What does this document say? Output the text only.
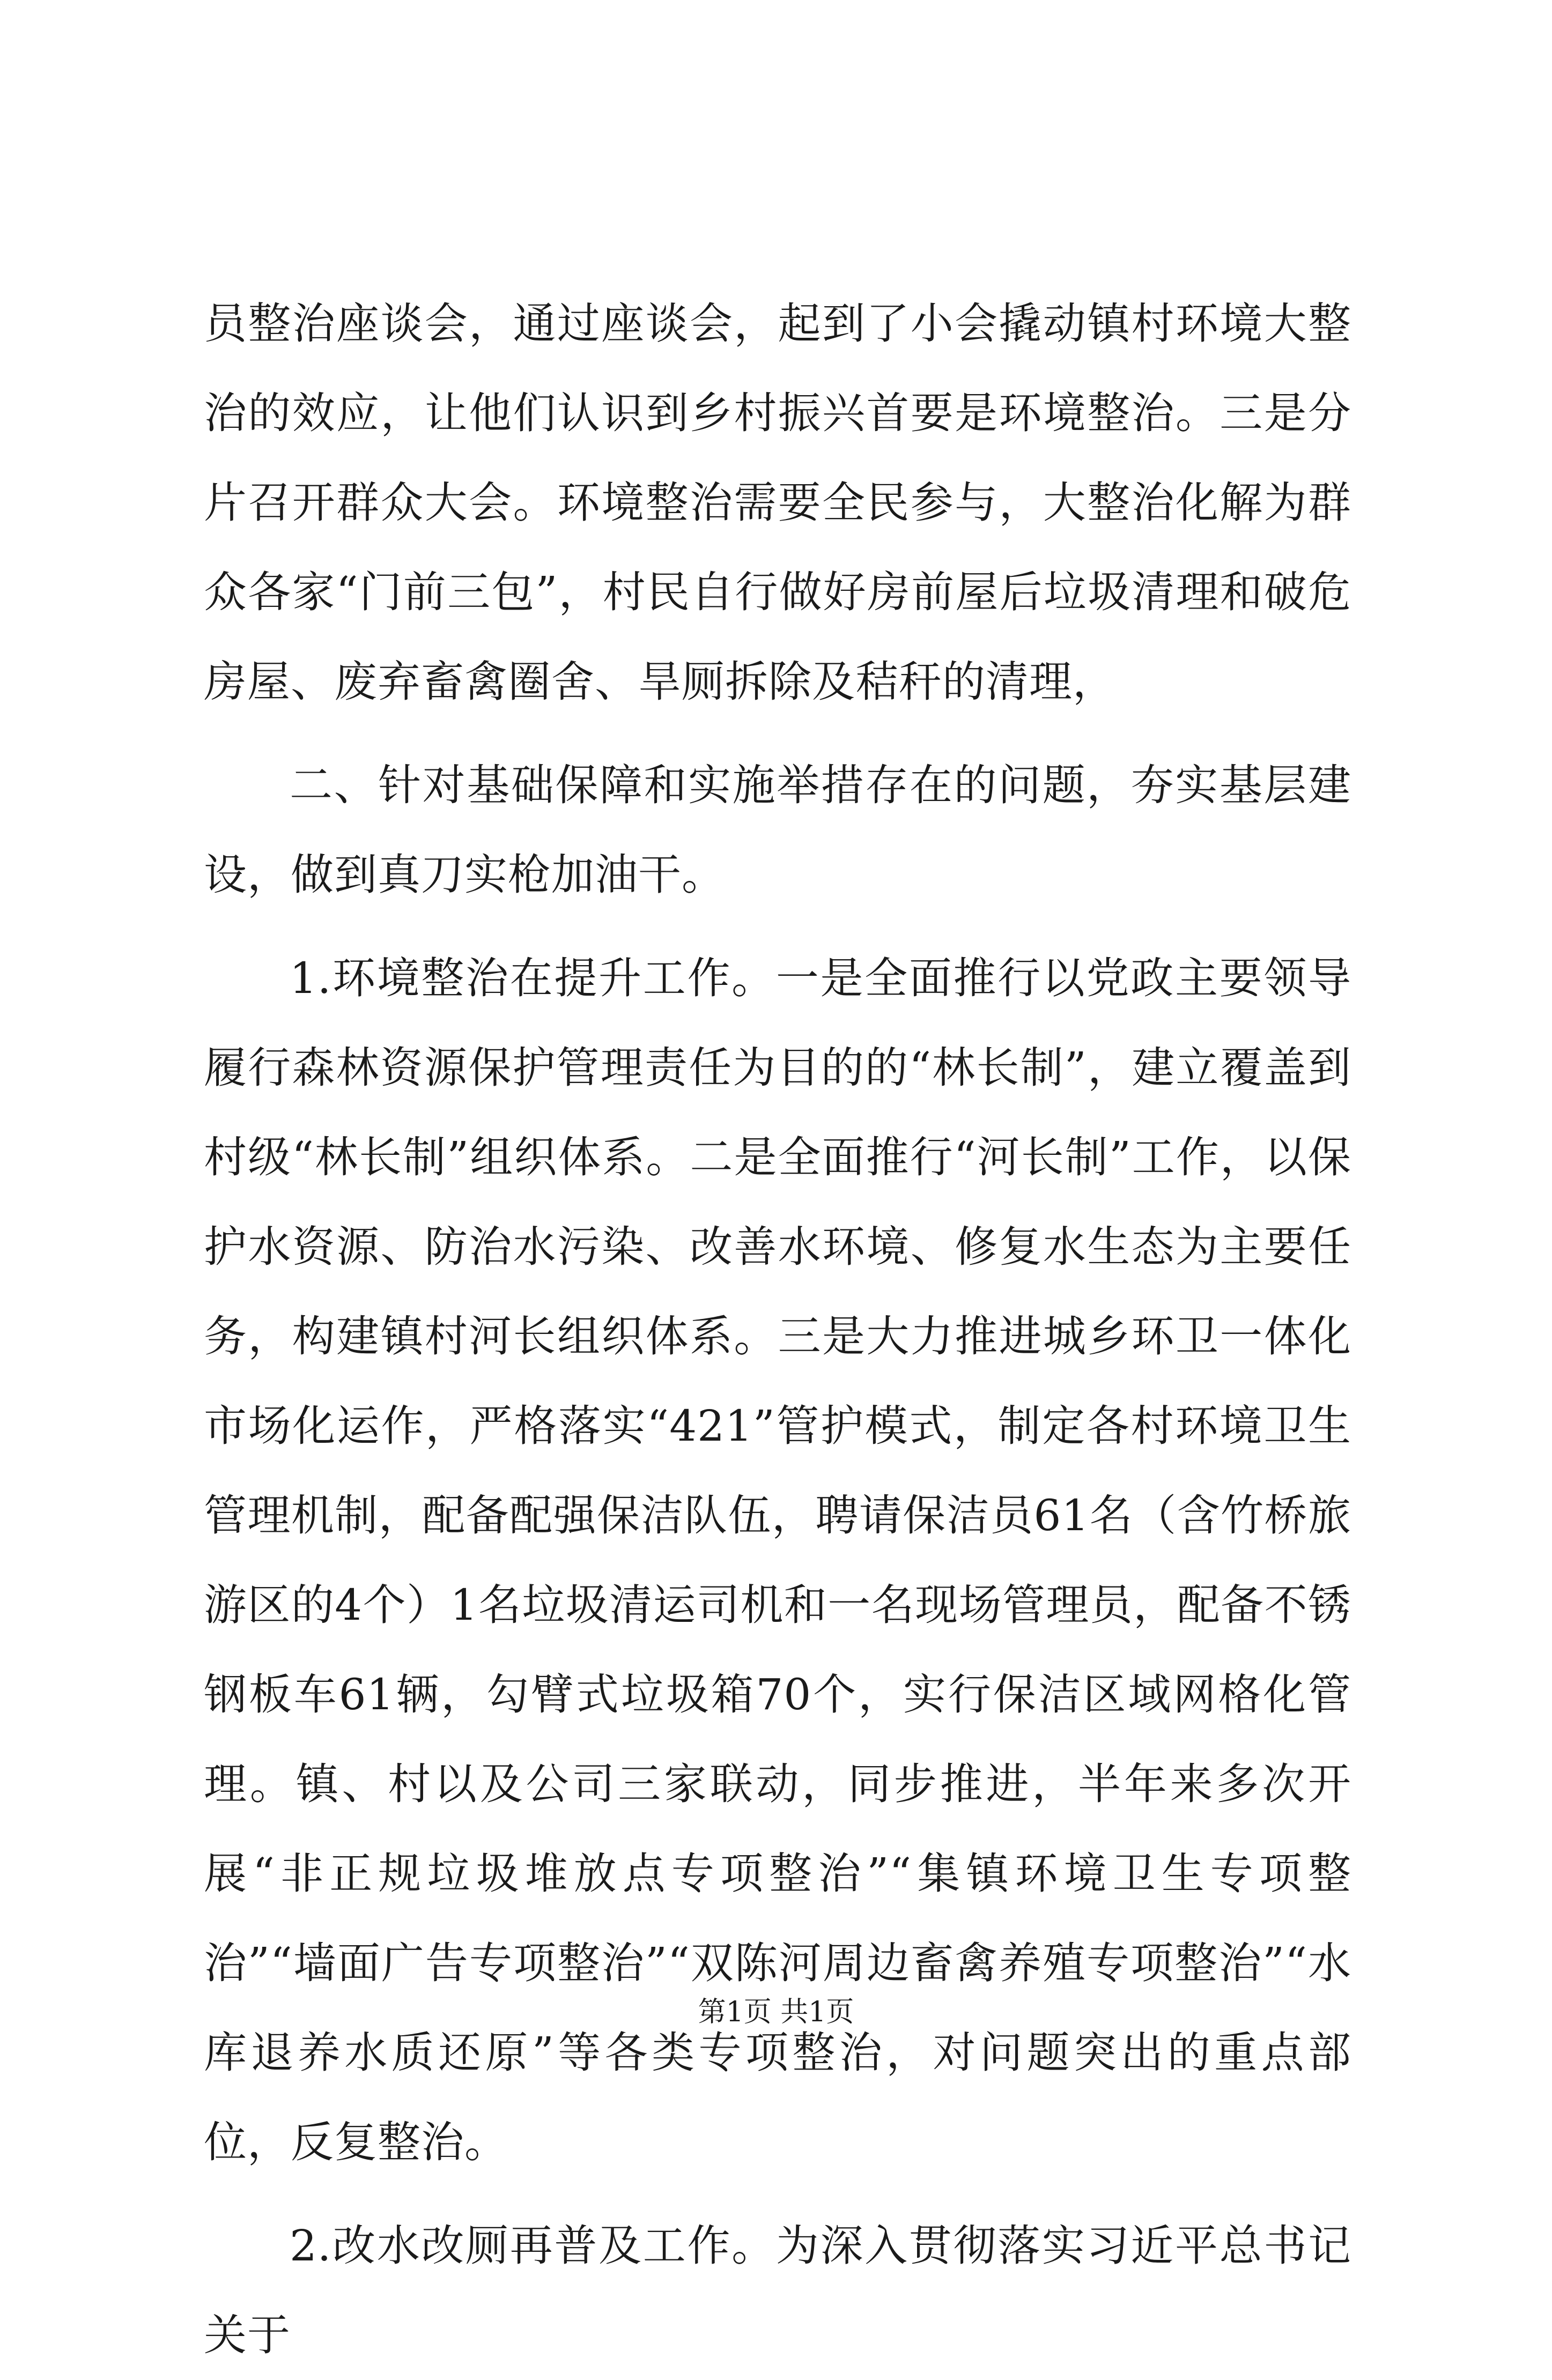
员整治座谈会，通过座谈会，起到了小会撬动镇村环境大整治的效应，让他们认识到乡村振兴首要是环境整治。三是分片召开群众大会。环境整治需要全民参与，大整治化解为群众各家“门前三包”，村民自行做好房前屋后垃圾清理和破危房屋、废弃畜禽圈舍、旱厕拆除及秸秆的清理，

二、针对基础保障和实施举措存在的问题，夯实基层建设，做到真刀实枪加油干。

1.环境整治在提升工作。一是全面推行以党政主要领导履行森林资源保护管理责任为目的的“林长制”，建立覆盖到村级“林长制”组织体系。二是全面推行“河长制”工作，以保护水资源、防治水污染、改善水环境、修复水生态为主要任务，构建镇村河长组织体系。三是大力推进城乡环卫一体化市场化运作，严格落实“421”管护模式，制定各村环境卫生管理机制，配备配强保洁队伍，聘请保洁员61名（含竹桥旅游区的4个）1名垃圾清运司机和一名现场管理员，配备不锈钢板车61辆，勾臂式垃圾箱70个，实行保洁区域网格化管理。镇、村以及公司三家联动，同步推进，半年来多次开展“非正规垃圾堆放点专项整治”“集镇环境卫生专项整治”“墙面广告专项整治”“双陈河周边畜禽养殖专项整治”“水库退养水质还原”等各类专项整治，对问题突出的重点部位，反复整治。

2.改水改厕再普及工作。为深入贯彻落实习近平总书记关于

第1页 共1页
